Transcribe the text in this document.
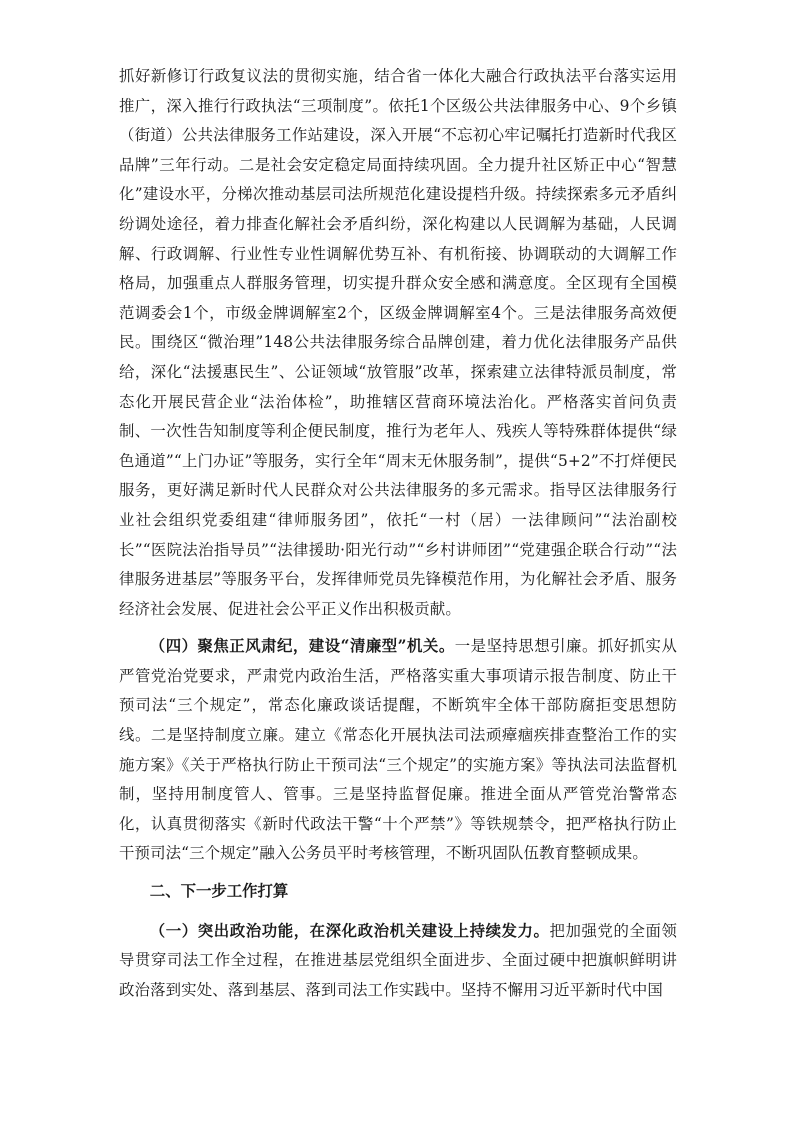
抓好新修订行政复议法的贯彻实施，结合省一体化大融合行政执法平台落实运用推广，深入推行行政执法“三项制度”。依托1个区级公共法律服务中心、9个乡镇（街道）公共法律服务工作站建设，深入开展“不忘初心牢记嘱托打造新时代我区品牌”三年行动。二是社会安定稳定局面持续巩固。全力提升社区矫正中心“智慧化”建设水平，分梯次推动基层司法所规范化建设提档升级。持续探索多元矛盾纠纷调处途径，着力排查化解社会矛盾纠纷，深化构建以人民调解为基础，人民调解、行政调解、行业性专业性调解优势互补、有机衔接、协调联动的大调解工作格局，加强重点人群服务管理，切实提升群众安全感和满意度。全区现有全国模范调委会1个，市级金牌调解室2个，区级金牌调解室4个。三是法律服务高效便民。围绕区“微治理”148公共法律服务综合品牌创建，着力优化法律服务产品供给，深化“法援惠民生”、公证领域“放管服”改革，探索建立法律特派员制度，常态化开展民营企业“法治体检”，助推辖区营商环境法治化。严格落实首问负责制、一次性告知制度等利企便民制度，推行为老年人、残疾人等特殊群体提供“绿色通道”“上门办证”等服务，实行全年“周末无休服务制”，提供“5+2”不打烊便民服务，更好满足新时代人民群众对公共法律服务的多元需求。指导区法律服务行业社会组织党委组建“律师服务团”，依托“一村（居）一法律顾问”“法治副校长”“医院法治指导员”“法律援助·阳光行动”“乡村讲师团”“党建强企联合行动”“法律服务进基层”等服务平台，发挥律师党员先锋模范作用，为化解社会矛盾、服务经济社会发展、促进社会公平正义作出积极贡献。

（四）聚焦正风肃纪，建设“清廉型”机关。一是坚持思想引廉。抓好抓实从严管党治党要求，严肃党内政治生活，严格落实重大事项请示报告制度、防止干预司法“三个规定”，常态化廉政谈话提醒，不断筑牢全体干部防腐拒变思想防线。二是坚持制度立廉。建立《常态化开展执法司法顽瘴痼疾排查整治工作的实施方案》《关于严格执行防止干预司法“三个规定”的实施方案》等执法司法监督机制，坚持用制度管人、管事。三是坚持监督促廉。推进全面从严管党治警常态化，认真贯彻落实《新时代政法干警“十个严禁”》等铁规禁令，把严格执行防止干预司法“三个规定”融入公务员平时考核管理，不断巩固队伍教育整顿成果。

二、下一步工作打算

（一）突出政治功能，在深化政治机关建设上持续发力。把加强党的全面领导贯穿司法工作全过程，在推进基层党组织全面进步、全面过硬中把旗帜鲜明讲政治落到实处、落到基层、落到司法工作实践中。坚持不懈用习近平新时代中国
